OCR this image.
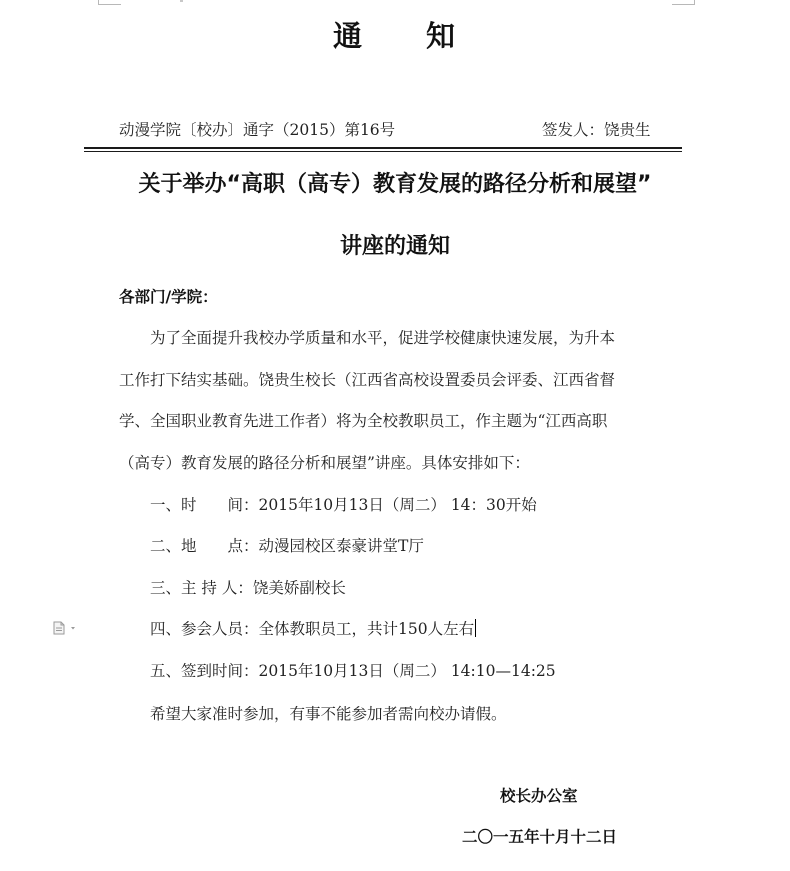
通　　知
动漫学院〔校办〕通字（2015）第16号	签发人：饶贵生
关于举办“高职（高专）教育发展的路径分析和展望”
讲座的通知
各部门/学院：
为了全面提升我校办学质量和水平，促进学校健康快速发展，为升本
工作打下结实基础。饶贵生校长（江西省高校设置委员会评委、江西省督
学、全国职业教育先进工作者）将为全校教职员工，作主题为“江西高职
（高专）教育发展的路径分析和展望”讲座。具体安排如下：
一、时　　间：2015年10月13日（周二） 14：30开始
二、地　　点：动漫园校区泰豪讲堂T厅
三、主 持 人：饶美娇副校长
四、参会人员：全体教职员工，共计150人左右
五、签到时间：2015年10月13日（周二） 14:10—14:25
希望大家准时参加，有事不能参加者需向校办请假。
校长办公室
二〇一五年十月十二日
